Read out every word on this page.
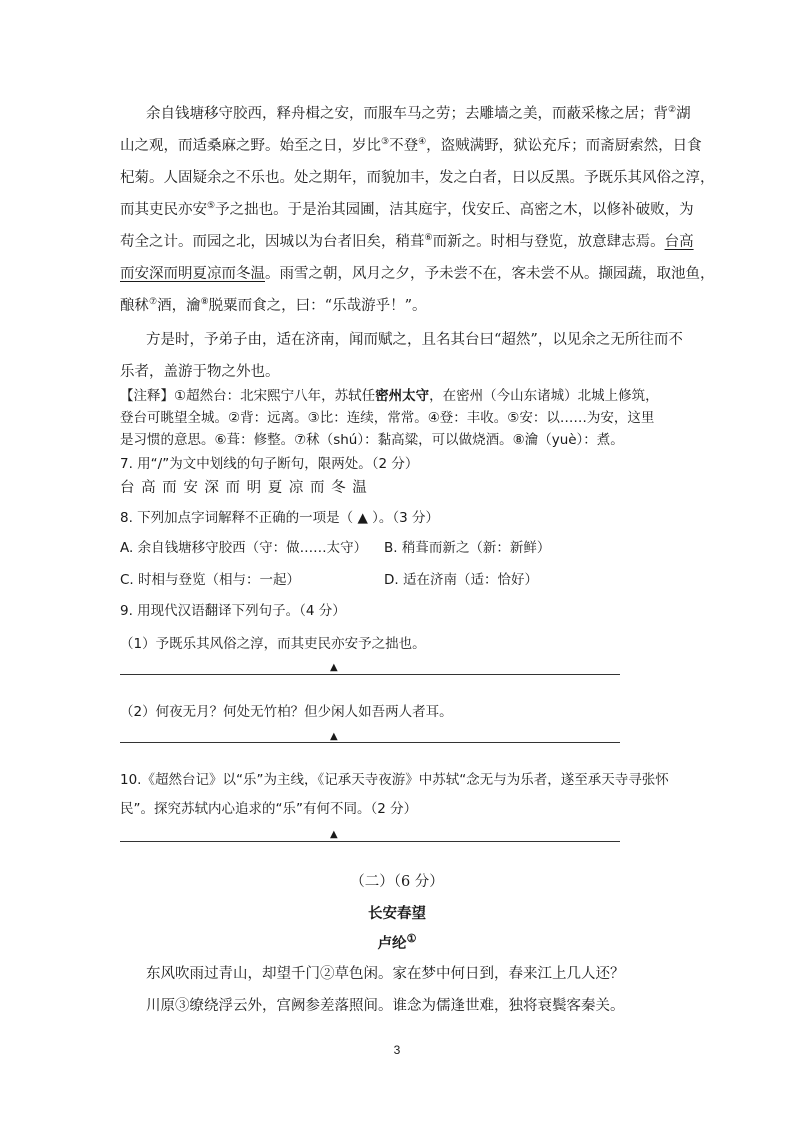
余自钱塘移守胶西，释舟楫之安，而服车马之劳；去雕墙之美，而蔽采椽之居；背②湖
山之观，而适桑麻之野。始至之日，岁比③不登④，盗贼满野，狱讼充斥；而斋厨索然，日食
杞菊。人固疑余之不乐也。处之期年，而貌加丰，发之白者，日以反黑。予既乐其风俗之淳，
而其吏民亦安⑤予之拙也。于是治其园圃，洁其庭宇，伐安丘、高密之木，以修补破败，为
苟全之计。而园之北，因城以为台者旧矣，稍葺⑥而新之。时相与登览，放意肆志焉。台高
而安深而明夏凉而冬温。雨雪之朝，风月之夕，予未尝不在，客未尝不从。撷园蔬，取池鱼，
酿秫⑦酒，瀹⑧脱粟而食之，曰：“乐哉游乎！”。
方是时，予弟子由，适在济南，闻而赋之，且名其台曰“超然”，以见余之无所往而不
乐者，盖游于物之外也。
【注释】①超然台：北宋熙宁八年，苏轼任密州太守，在密州（今山东诸城）北城上修筑，
登台可眺望全城。②背：远离。③比：连续，常常。④登：丰收。⑤安：以……为安，这里
是习惯的意思。⑥葺：修整。⑦秫（shú）：黏高粱，可以做烧酒。⑧瀹（yuè）：煮。
7. 用“/”为文中划线的句子断句，限两处。（2 分）
台 高 而 安 深 而 明 夏 凉 而 冬 温
8. 下列加点字词解释不正确的一项是（ ▲ ）。（3 分）
A. 余自钱塘移守胶西（守：做……太守） B. 稍葺而新之（新：新鲜）
C. 时相与登览（相与：一起）	D. 适在济南（适：恰好）
9. 用现代汉语翻译下列句子。（4 分）
（1）予既乐其风俗之淳，而其吏民亦安予之拙也。
▲
（2）何夜无月？何处无竹柏？但少闲人如吾两人者耳。
▲
10.《超然台记》以“乐”为主线，《记承天寺夜游》中苏轼“念无与为乐者，遂至承天寺寻张怀
民”。探究苏轼内心追求的“乐”有何不同。（2 分）
▲
（二）（6 分）
长安春望
卢纶①
东风吹雨过青山，却望千门②草色闲。家在梦中何日到，春来江上几人还？
川原③缭绕浮云外，宫阙参差落照间。谁念为儒逢世难，独将衰鬓客秦关。
3
